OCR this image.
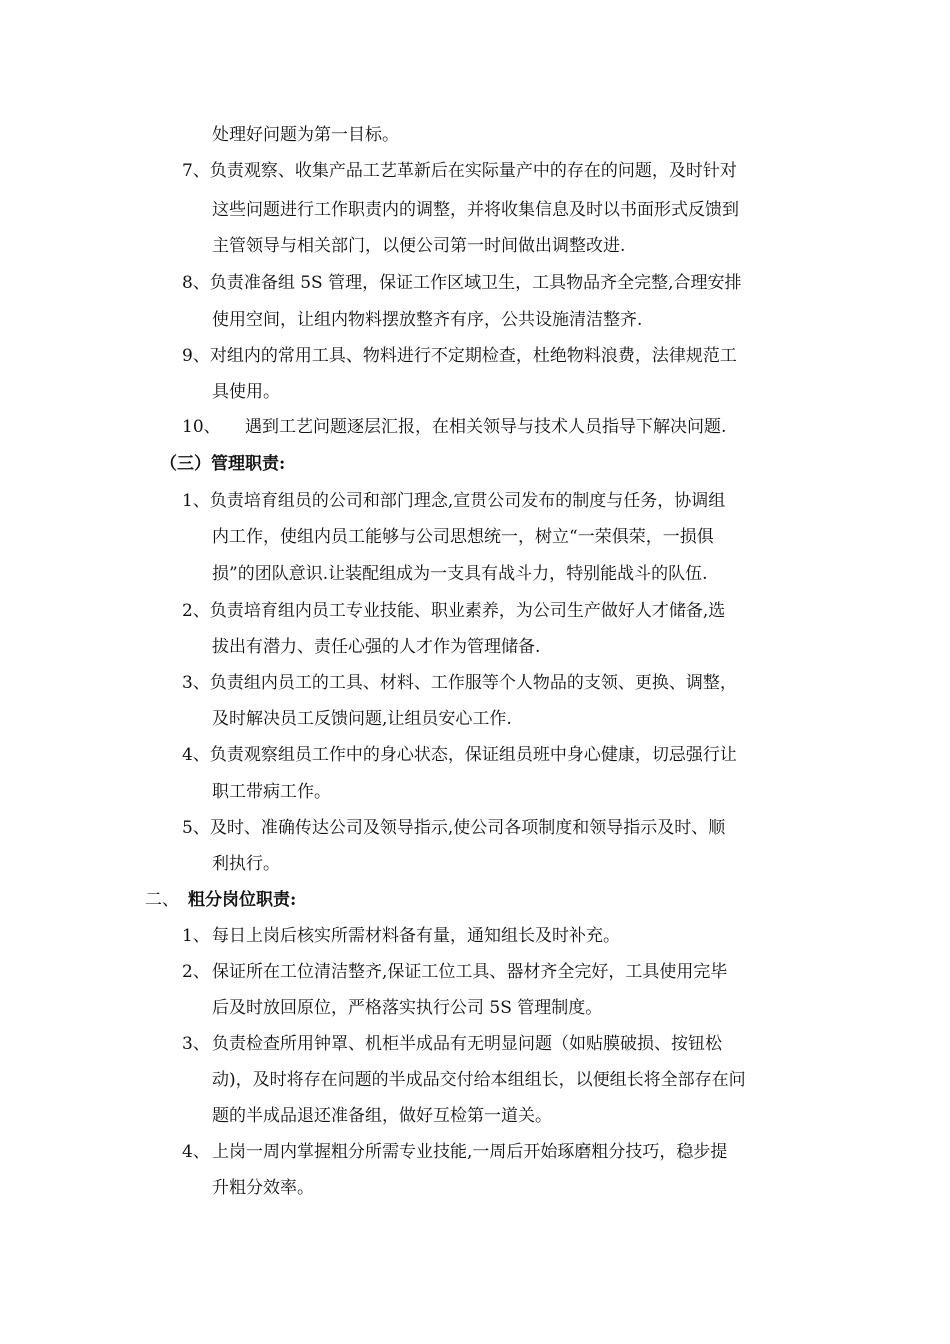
处理好问题为第一目标。
7、负责观察、收集产品工艺革新后在实际量产中的存在的问题，及时针对
这些问题进行工作职责内的调整，并将收集信息及时以书面形式反馈到
主管领导与相关部门，以便公司第一时间做出调整改进.
8、负责准备组 5S 管理，保证工作区域卫生，工具物品齐全完整,合理安排
使用空间，让组内物料摆放整齐有序，公共设施清洁整齐.
9、对组内的常用工具、物料进行不定期检查，杜绝物料浪费，法律规范工
具使用。
10、 遇到工艺问题逐层汇报，在相关领导与技术人员指导下解决问题.
（三）管理职责:
1、负责培育组员的公司和部门理念,宣贯公司发布的制度与任务，协调组
内工作，使组内员工能够与公司思想统一，树立“一荣俱荣，一损俱
损”的团队意识.让装配组成为一支具有战斗力，特别能战斗的队伍.
2、负责培育组内员工专业技能、职业素养，为公司生产做好人才储备,选
拔出有潜力、责任心强的人才作为管理储备.
3、负责组内员工的工具、材料、工作服等个人物品的支领、更换、调整，
及时解决员工反馈问题,让组员安心工作.
4、负责观察组员工作中的身心状态，保证组员班中身心健康，切忌强行让
职工带病工作。
5、及时、准确传达公司及领导指示,使公司各项制度和领导指示及时、顺
利执行。
二、 粗分岗位职责:
1、 每日上岗后核实所需材料备有量，通知组长及时补充。
2、 保证所在工位清洁整齐,保证工位工具、器材齐全完好，工具使用完毕
后及时放回原位，严格落实执行公司 5S 管理制度。
3、 负责检查所用钟罩、机柜半成品有无明显问题（如贴膜破损、按钮松
动)，及时将存在问题的半成品交付给本组组长，以便组长将全部存在问
题的半成品退还准备组，做好互检第一道关。
4、 上岗一周内掌握粗分所需专业技能,一周后开始琢磨粗分技巧，稳步提
升粗分效率。
